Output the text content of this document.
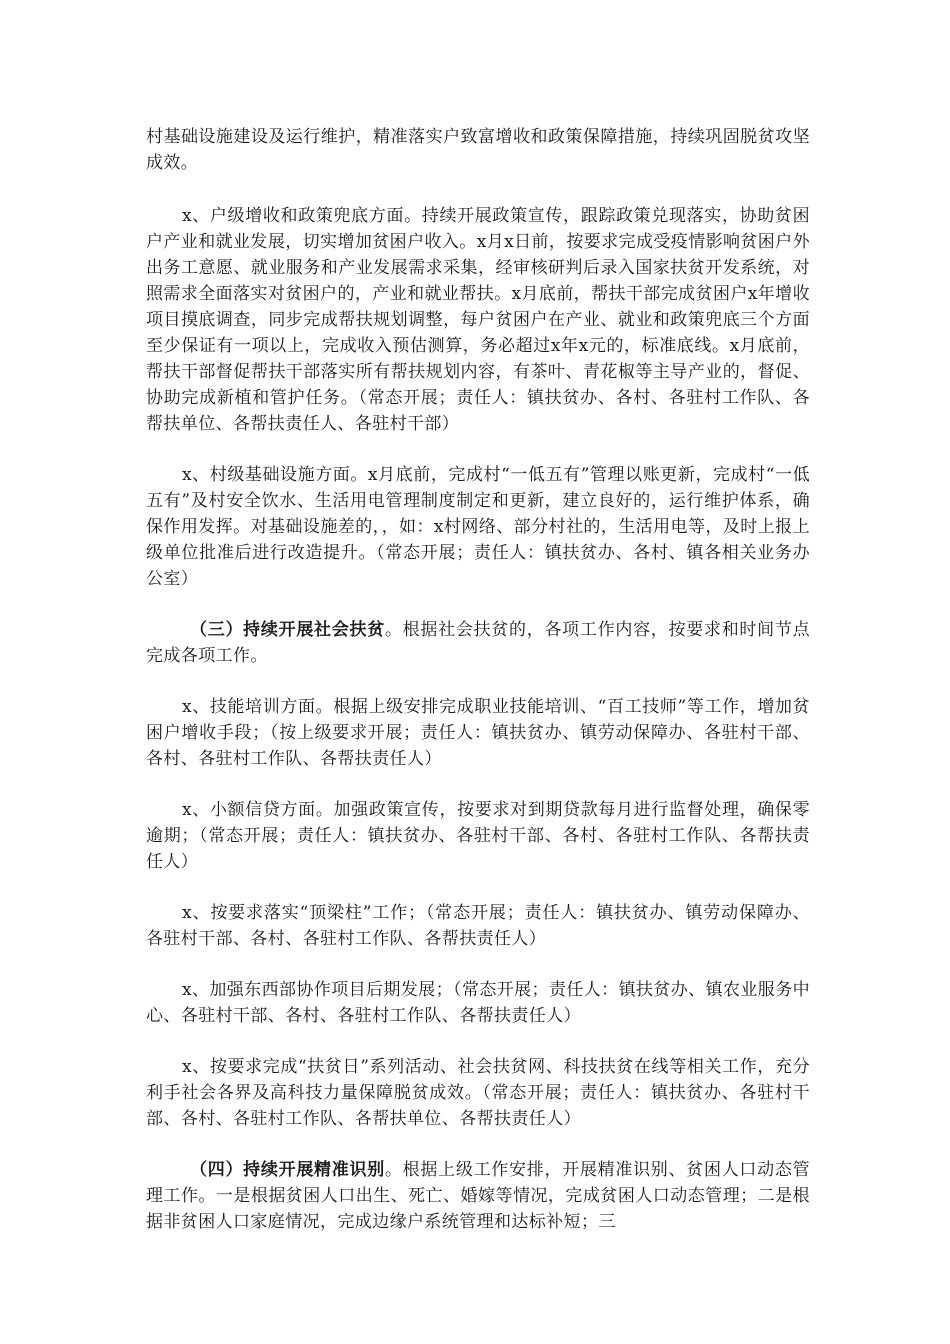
村基础设施建设及运行维护，精准落实户致富增收和政策保障措施，持续巩固脱贫攻坚成效。

x、户级增收和政策兜底方面。持续开展政策宣传，跟踪政策兑现落实，协助贫困户产业和就业发展，切实增加贫困户收入。x月x日前，按要求完成受疫情影响贫困户外出务工意愿、就业服务和产业发展需求采集，经审核研判后录入国家扶贫开发系统，对照需求全面落实对贫困户的，产业和就业帮扶。x月底前，帮扶干部完成贫困户x年增收项目摸底调查，同步完成帮扶规划调整，每户贫困户在产业、就业和政策兜底三个方面至少保证有一项以上，完成收入预估测算，务必超过x年x元的，标准底线。x月底前，帮扶干部督促帮扶干部落实所有帮扶规划内容，有茶叶、青花椒等主导产业的，督促、协助完成新植和管护任务。（常态开展；责任人：镇扶贫办、各村、各驻村工作队、各帮扶单位、各帮扶责任人、各驻村干部）

x、村级基础设施方面。x月底前，完成村“一低五有”管理以账更新，完成村“一低五有”及村安全饮水、生活用电管理制度制定和更新，建立良好的，运行维护体系，确保作用发挥。对基础设施差的，，如：x村网络、部分村社的，生活用电等，及时上报上级单位批准后进行改造提升。（常态开展；责任人：镇扶贫办、各村、镇各相关业务办公室）

（三）持续开展社会扶贫。根据社会扶贫的，各项工作内容，按要求和时间节点完成各项工作。

x、技能培训方面。根据上级安排完成职业技能培训、“百工技师”等工作，增加贫困户增收手段；（按上级要求开展；责任人：镇扶贫办、镇劳动保障办、各驻村干部、各村、各驻村工作队、各帮扶责任人）

x、小额信贷方面。加强政策宣传，按要求对到期贷款每月进行监督处理，确保零逾期；（常态开展；责任人：镇扶贫办、各驻村干部、各村、各驻村工作队、各帮扶责任人）

x、按要求落实“顶梁柱”工作；（常态开展；责任人：镇扶贫办、镇劳动保障办、各驻村干部、各村、各驻村工作队、各帮扶责任人）

x、加强东西部协作项目后期发展；（常态开展；责任人：镇扶贫办、镇农业服务中心、各驻村干部、各村、各驻村工作队、各帮扶责任人）

x、按要求完成“扶贫日”系列活动、社会扶贫网、科技扶贫在线等相关工作，充分利手社会各界及高科技力量保障脱贫成效。（常态开展；责任人：镇扶贫办、各驻村干部、各村、各驻村工作队、各帮扶单位、各帮扶责任人）

（四）持续开展精准识别。根据上级工作安排，开展精准识别、贫困人口动态管理工作。一是根据贫困人口出生、死亡、婚嫁等情况，完成贫困人口动态管理；二是根据非贫困人口家庭情况，完成边缘户系统管理和达标补短；三
